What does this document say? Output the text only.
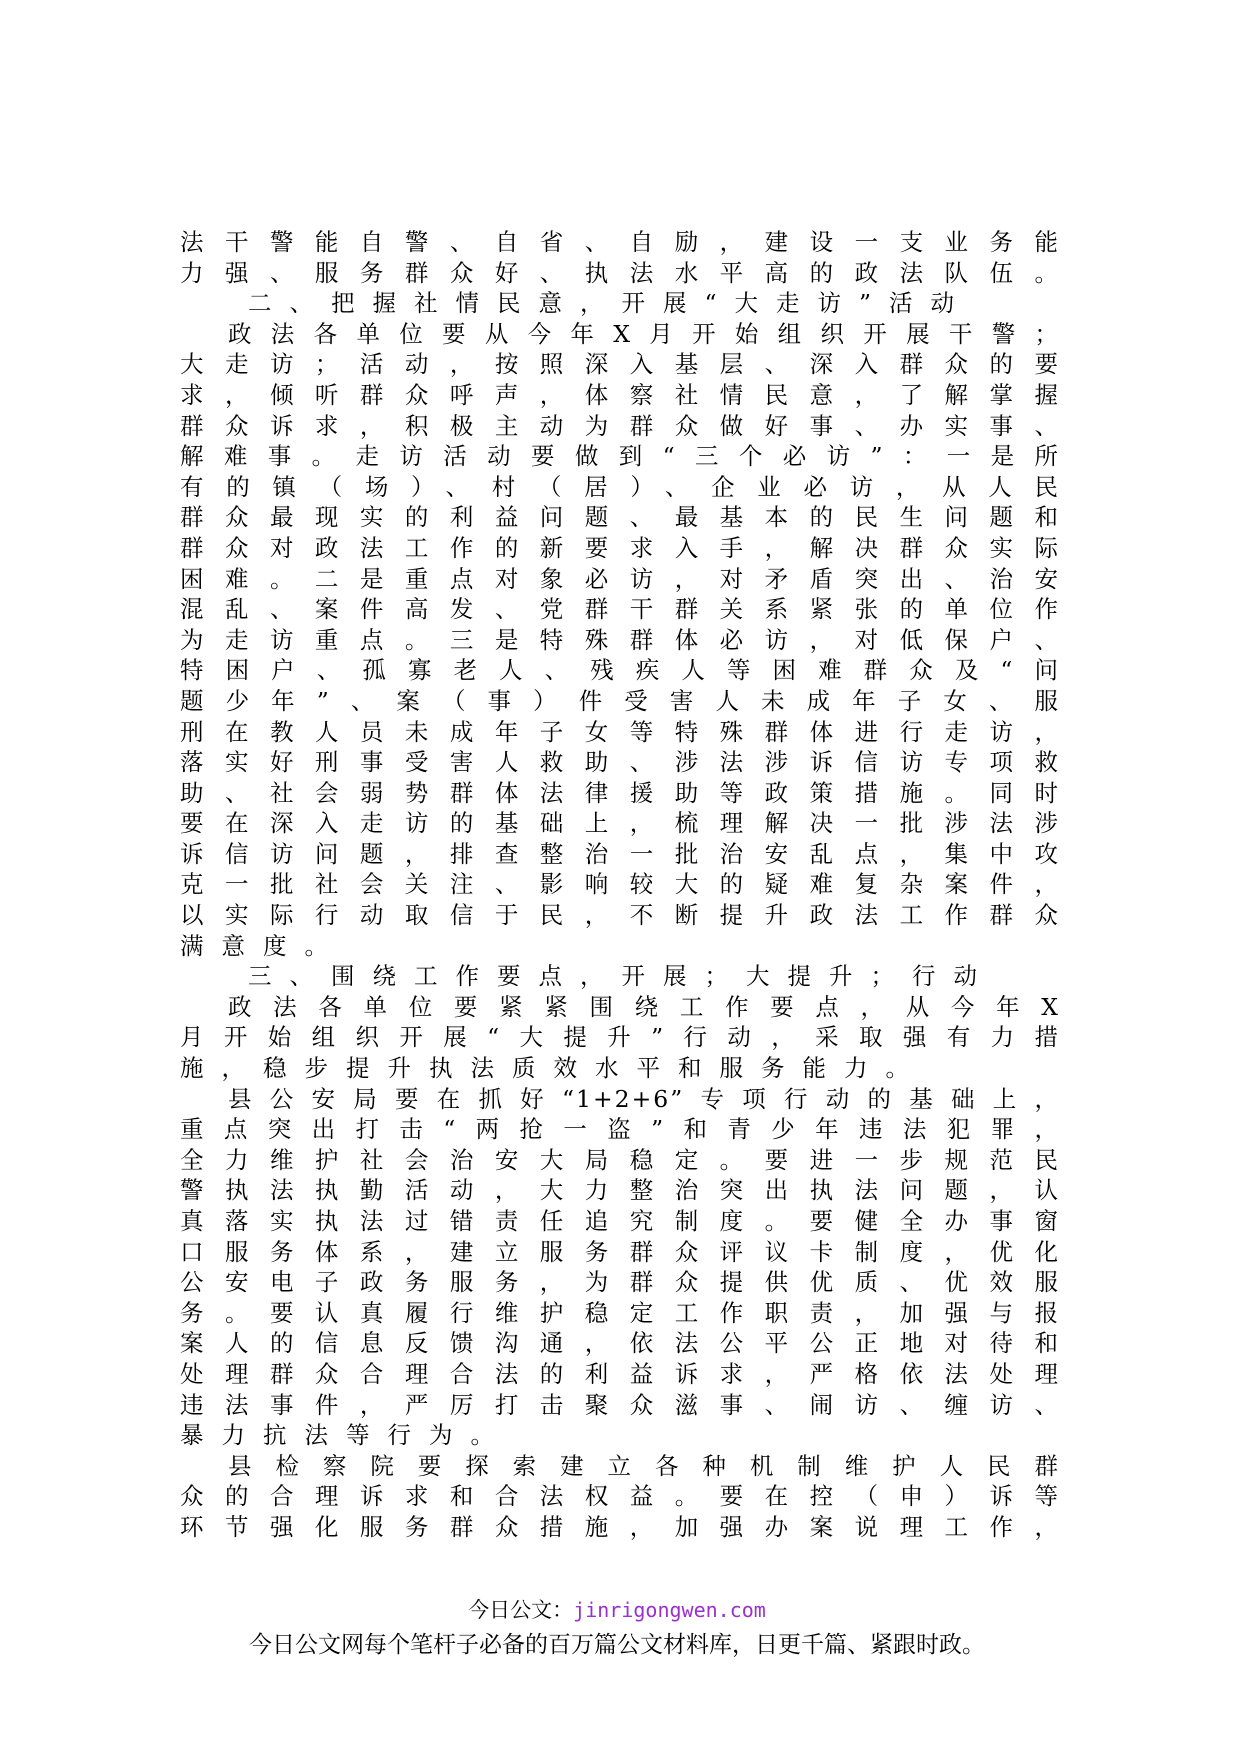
法干警能自警、自省、自励，建设一支业务能
力强、服务群众好、执法水平高的政法队伍。
二、把握社情民意，开展“大走访”活动
政法各单位要从今年X月开始组织开展干警；
大走访；活动，按照深入基层、深入群众的要
求，倾听群众呼声，体察社情民意，了解掌握
群众诉求，积极主动为群众做好事、办实事、
解难事。走访活动要做到“三个必访”：一是所
有的镇（场）、村（居）、企业必访，从人民
群众最现实的利益问题、最基本的民生问题和
群众对政法工作的新要求入手，解决群众实际
困难。二是重点对象必访，对矛盾突出、治安
混乱、案件高发、党群干群关系紧张的单位作
为走访重点。三是特殊群体必访，对低保户、
特困户、孤寡老人、残疾人等困难群众及“问
题少年”、案（事）件受害人未成年子女、服
刑在教人员未成年子女等特殊群体进行走访，
落实好刑事受害人救助、涉法涉诉信访专项救
助、社会弱势群体法律援助等政策措施。同时
要在深入走访的基础上，梳理解决一批涉法涉
诉信访问题，排查整治一批治安乱点，集中攻
克一批社会关注、影响较大的疑难复杂案件，
以实际行动取信于民，不断提升政法工作群众
满意度。
三、围绕工作要点，开展；大提升；行动
政法各单位要紧紧围绕工作要点，从今年X
月开始组织开展“大提升”行动，采取强有力措
施，稳步提升执法质效水平和服务能力。
县公安局要在抓好“1+2+6”专项行动的基础上，
重点突出打击“两抢一盗”和青少年违法犯罪，
全力维护社会治安大局稳定。要进一步规范民
警执法执勤活动，大力整治突出执法问题，认
真落实执法过错责任追究制度。要健全办事窗
口服务体系，建立服务群众评议卡制度，优化
公安电子政务服务，为群众提供优质、优效服
务。要认真履行维护稳定工作职责，加强与报
案人的信息反馈沟通，依法公平公正地对待和
处理群众合理合法的利益诉求，严格依法处理
违法事件，严厉打击聚众滋事、闹访、缠访、
暴力抗法等行为。
县检察院要探索建立各种机制维护人民群
众的合理诉求和合法权益。要在控（申）诉等
环节强化服务群众措施，加强办案说理工作，
今日公文：jinrigongwen.com
今日公文网每个笔杆子必备的百万篇公文材料库，日更千篇、紧跟时政。
